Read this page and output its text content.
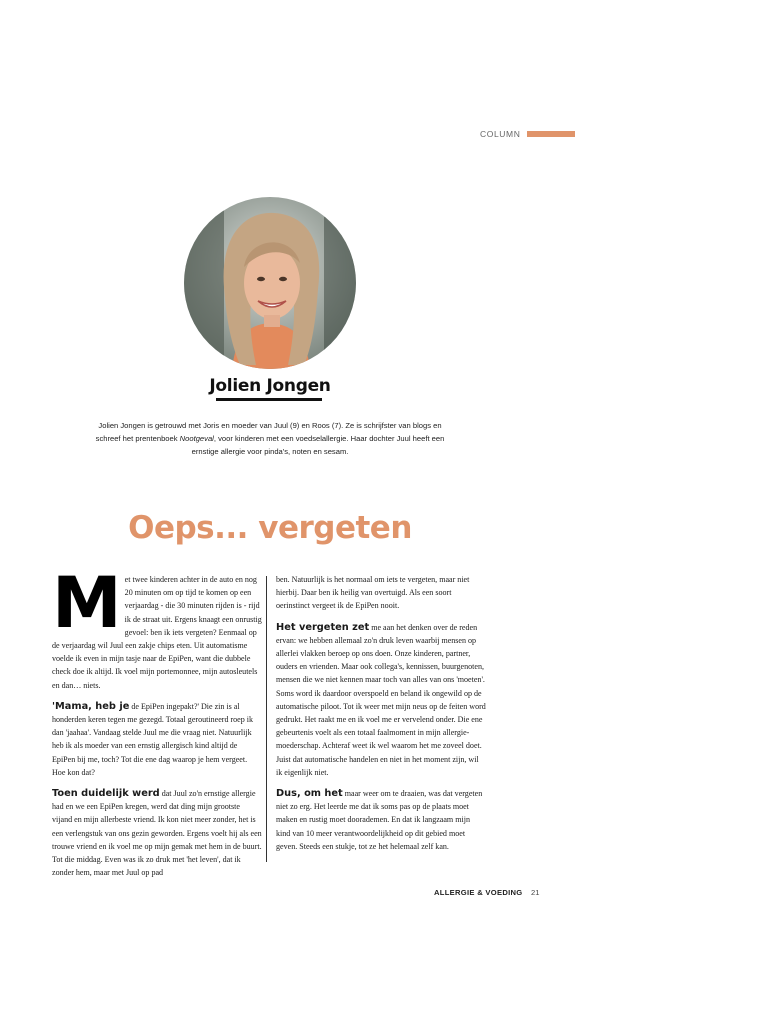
COLUMN
Jolien Jongen
Jolien Jongen is getrouwd met Joris en moeder van Juul (9) en Roos (7). Ze is schrijfster van blogs en schreef het prentenboek Nootgeval, voor kinderen met een voedselallergie. Haar dochter Juul heeft een ernstige allergie voor pinda's, noten en sesam.
Oeps... vergeten

Met twee kinderen achter in de auto en nog 20 minuten om op tijd te komen op een verjaardag - die 30 minuten rijden is - rijd ik de straat uit. Ergens knaagt een onrustig gevoel: ben ik iets vergeten? Eenmaal op de verjaardag wil Juul een zakje chips eten. Uit automatisme voelde ik even in mijn tasje naar de EpiPen, want die dubbele check doe ik altijd. Ik voel mijn portemonnee, mijn autosleutels en dan… niets.

'Mama, heb je de EpiPen ingepakt?' Die zin is al honderden keren tegen me gezegd. Totaal geroutineerd roep ik dan 'jaahaa'. Vandaag stelde Juul me die vraag niet. Natuurlijk heb ik als moeder van een ernstig allergisch kind altijd de EpiPen bij me, toch? Tot die ene dag waarop je hem vergeet. Hoe kon dat?

Toen duidelijk werd dat Juul zo'n ernstige allergie had en we een EpiPen kregen, werd dat ding mijn grootste vijand en mijn allerbeste vriend. Ik kon niet meer zonder, het is een verlengstuk van ons gezin geworden. Ergens voelt hij als een trouwe vriend en ik voel me op mijn gemak met hem in de buurt. Tot die middag. Even was ik zo druk met 'het leven', dat ik zonder hem, maar met Juul op pad

ben. Natuurlijk is het normaal om iets te vergeten, maar niet hierbij. Daar ben ik heilig van overtuigd. Als een soort oerinstinct vergeet ik de EpiPen nooit.

Het vergeten zet me aan het denken over de reden ervan: we hebben allemaal zo'n druk leven waarbij mensen op allerlei vlakken beroep op ons doen. Onze kinderen, partner, ouders en vrienden. Maar ook collega's, kennissen, buurgenoten, mensen die we niet kennen maar toch van alles van ons 'moeten'. Soms word ik daardoor overspoeld en beland ik ongewild op de automatische piloot. Tot ik weer met mijn neus op de feiten word gedrukt. Het raakt me en ik voel me er vervelend onder. Die ene gebeurtenis voelt als een totaal faalmoment in mijn allergie-moederschap. Achteraf weet ik wel waarom het me zoveel doet. Juist dat automatische handelen en niet in het moment zijn, wil ik eigenlijk niet.

Dus, om het maar weer om te draaien, was dat vergeten niet zo erg. Het leerde me dat ik soms pas op de plaats moet maken en rustig moet doorademen. En dat ik langzaam mijn kind van 10 meer verantwoordelijkheid op dit gebied moet geven. Steeds een stukje, tot ze het helemaal zelf kan.

ALLERGIE & VOEDING 21
